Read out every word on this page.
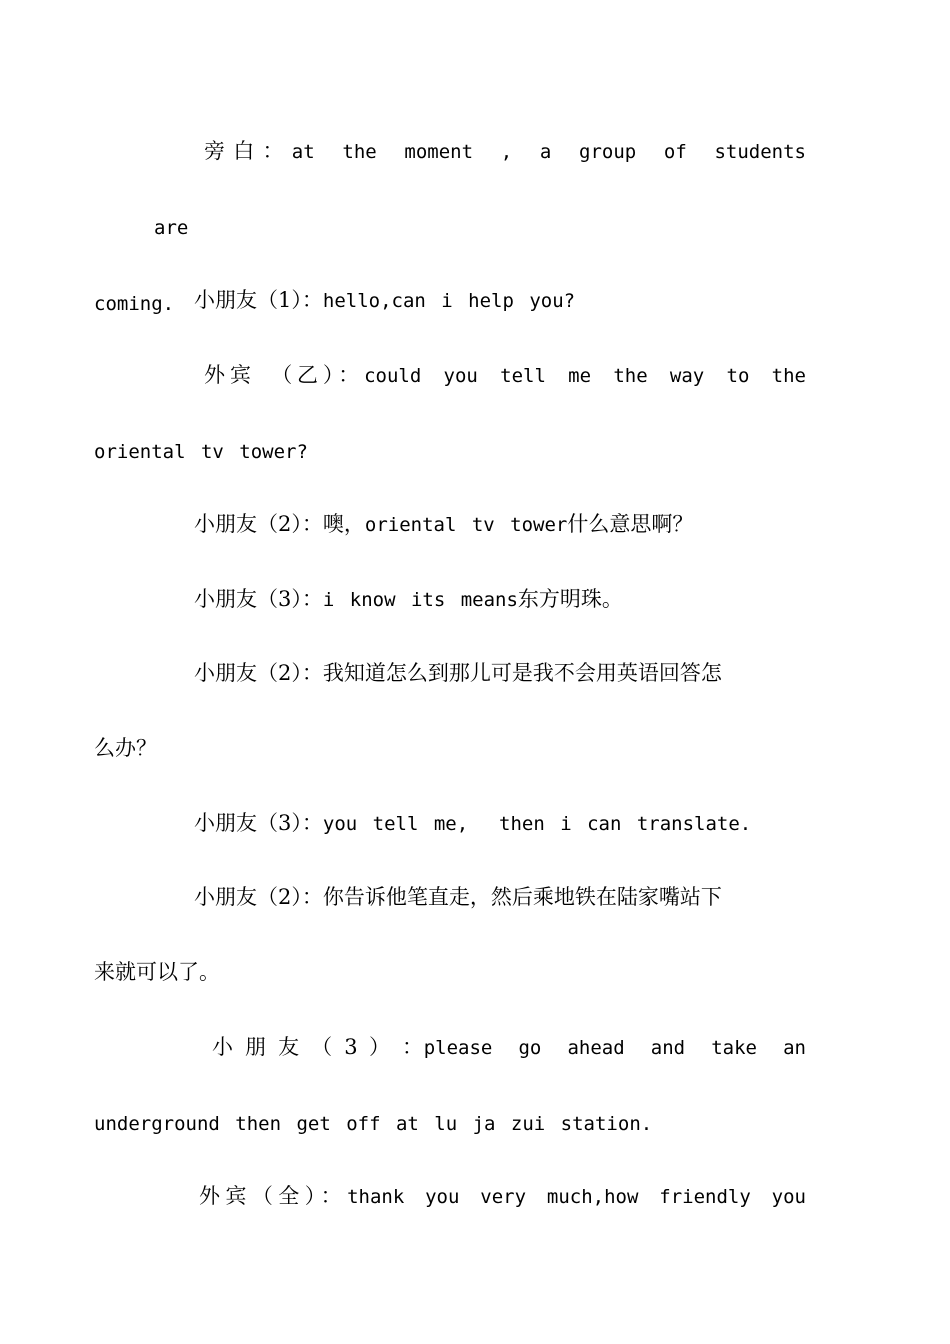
旁白：at the moment , a group of students are
coming. 小朋友（1）：hello,can i help you?
外宾 （乙）：could you tell me the way to the
oriental tv tower?
小朋友（2）：噢，oriental tv tower什么意思啊？
小朋友（3）：i know its means东方明珠。
小朋友（2）：我知道怎么到那儿可是我不会用英语回答怎
么办？
小朋友（3）：you tell me,  then i can translate.
小朋友（2）：你告诉他笔直走，然后乘地铁在陆家嘴站下
来就可以了。
小 朋 友 （ 3 ） ：please go ahead and take an
underground then get off at lu ja zui station.
外宾（全）：thank you very much,how friendly you
